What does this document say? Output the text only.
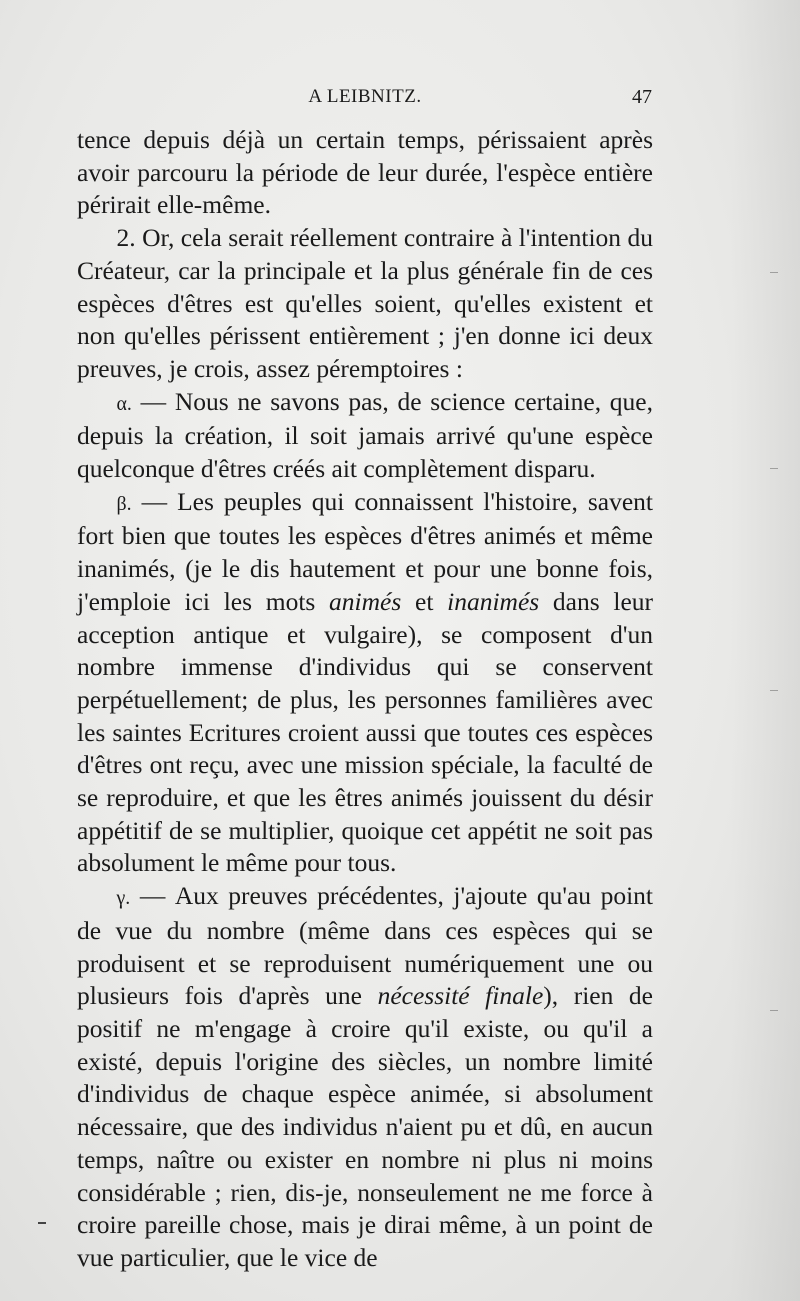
A LEIBNITZ.	47

tence depuis déjà un certain temps, périssaient après avoir parcouru la période de leur durée, l'espèce entière périrait elle-même.

2. Or, cela serait réellement contraire à l'intention du Créateur, car la principale et la plus générale fin de ces espèces d'êtres est qu'elles soient, qu'elles existent et non qu'elles périssent entièrement ; j'en donne ici deux preuves, je crois, assez péremptoires :

α. — Nous ne savons pas, de science certaine, que, depuis la création, il soit jamais arrivé qu'une espèce quelconque d'êtres créés ait complètement disparu.

β. — Les peuples qui connaissent l'histoire, savent fort bien que toutes les espèces d'êtres animés et même inanimés, (je le dis hautement et pour une bonne fois, j'emploie ici les mots animés et inanimés dans leur acception antique et vulgaire), se composent d'un nombre immense d'individus qui se conservent perpétuellement; de plus, les personnes familières avec les saintes Ecritures croient aussi que toutes ces espèces d'êtres ont reçu, avec une mission spéciale, la faculté de se reproduire, et que les êtres animés jouissent du désir appétitif de se multiplier, quoique cet appétit ne soit pas absolument le même pour tous.

γ. — Aux preuves précédentes, j'ajoute qu'au point de vue du nombre (même dans ces espèces qui se produisent et se reproduisent numériquement une ou plusieurs fois d'après une nécessité finale), rien de positif ne m'engage à croire qu'il existe, ou qu'il a existé, depuis l'origine des siècles, un nombre limité d'individus de chaque espèce animée, si absolument nécessaire, que des individus n'aient pu et dû, en aucun temps, naître ou exister en nombre ni plus ni moins considérable ; rien, dis-je, nonseulement ne me force à croire pareille chose, mais je dirai même, à un point de vue particulier, que le vice de
